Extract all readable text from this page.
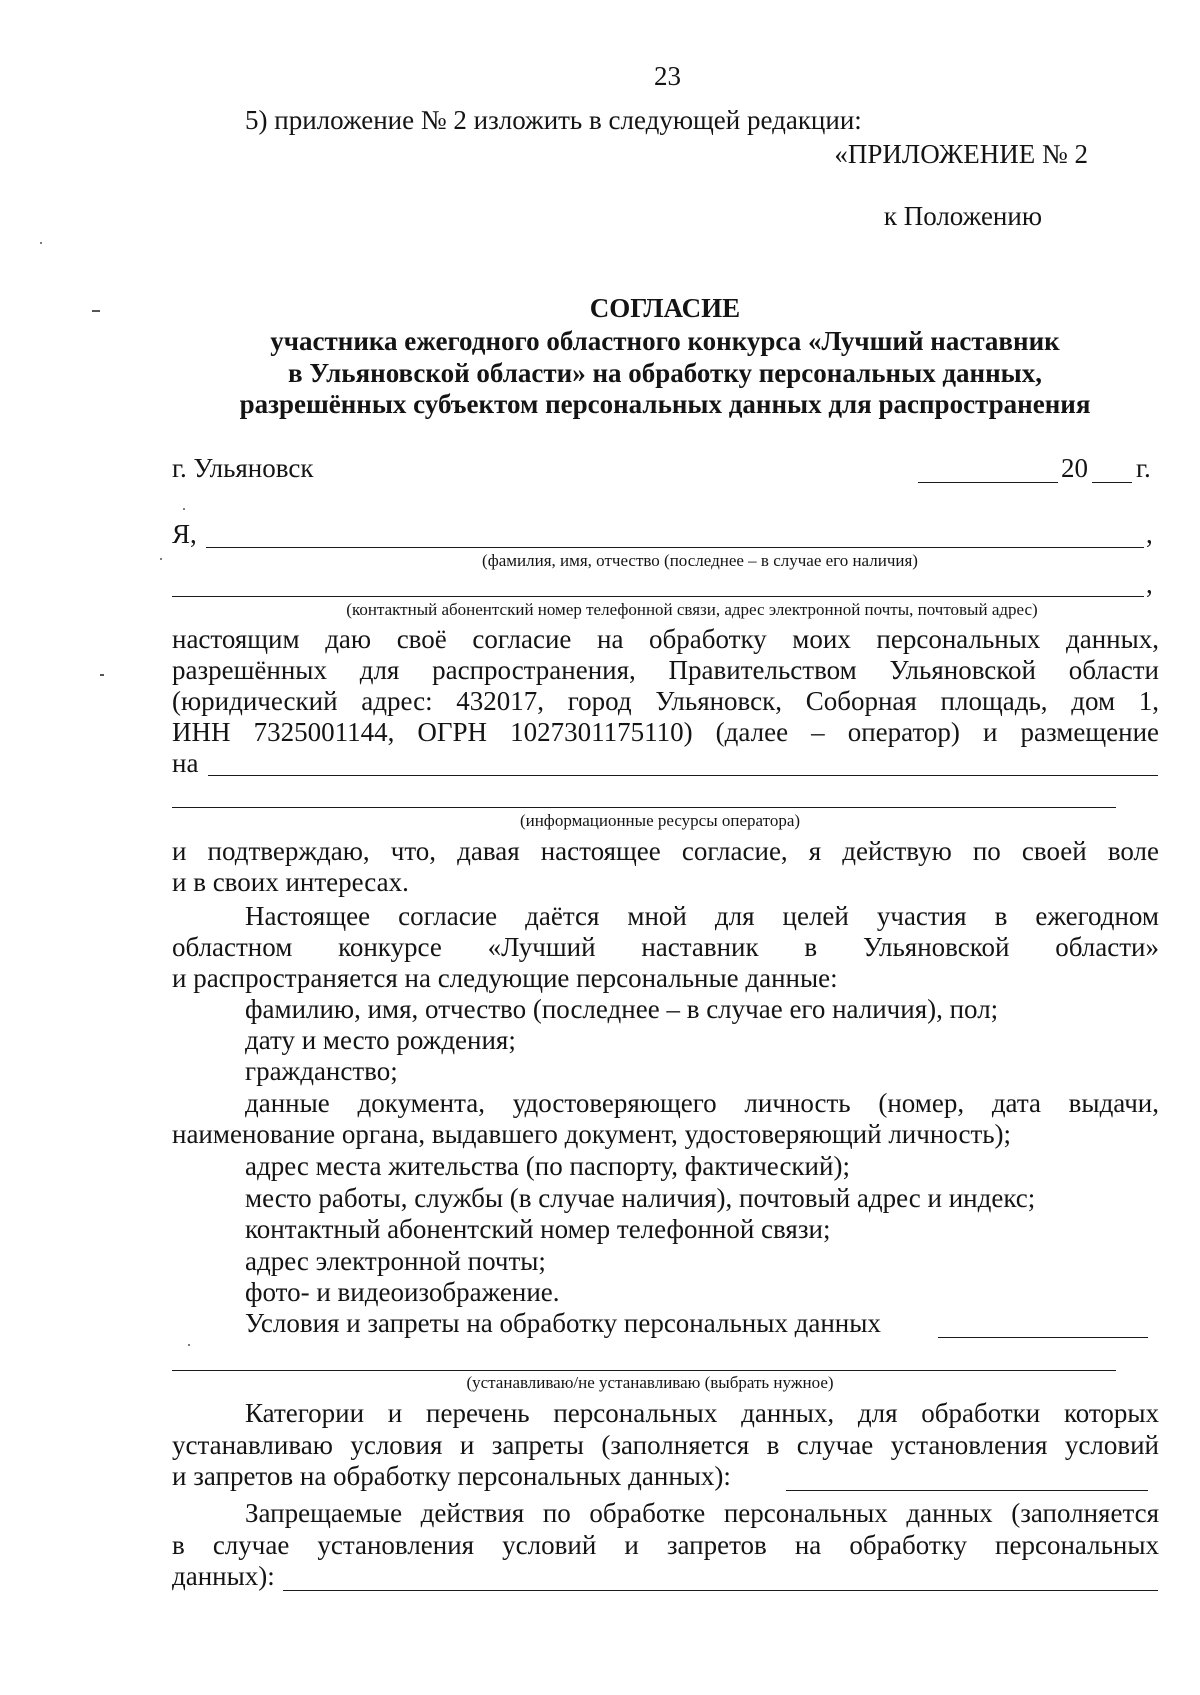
23
5) приложение № 2 изложить в следующей редакции:
«ПРИЛОЖЕНИЕ № 2
к Положению
СОГЛАСИЕ
участника ежегодного областного конкурса «Лучший наставник
в Ульяновской области» на обработку персональных данных,
разрешённых субъектом персональных данных для распространения
г. Ульяновск	20 г.
Я,	,
(фамилия, имя, отчество (последнее – в случае его наличия)
,
(контактный абонентский номер телефонной связи, адрес электронной почты, почтовый адрес)
настоящим даю своё согласие на обработку моих персональных данных,
разрешённых для распространения, Правительством Ульяновской области
(юридический адрес: 432017, город Ульяновск, Соборная площадь, дом 1,
ИНН 7325001144, ОГРН 1027301175110) (далее – оператор) и размещение
на
(информационные ресурсы оператора)
и подтверждаю, что, давая настоящее согласие, я действую по своей воле
и в своих интересах.
Настоящее согласие даётся мной для целей участия в ежегодном
областном конкурсе «Лучший наставник в Ульяновской области»
и распространяется на следующие персональные данные:
фамилию, имя, отчество (последнее – в случае его наличия), пол;
дату и место рождения;
гражданство;
данные документа, удостоверяющего личность (номер, дата выдачи,
наименование органа, выдавшего документ, удостоверяющий личность);
адрес места жительства (по паспорту, фактический);
место работы, службы (в случае наличия), почтовый адрес и индекс;
контактный абонентский номер телефонной связи;
адрес электронной почты;
фото- и видеоизображение.
Условия и запреты на обработку персональных данных
(устанавливаю/не устанавливаю (выбрать нужное)
Категории и перечень персональных данных, для обработки которых
устанавливаю условия и запреты (заполняется в случае установления условий
и запретов на обработку персональных данных):
Запрещаемые действия по обработке персональных данных (заполняется
в случае установления условий и запретов на обработку персональных
данных):
